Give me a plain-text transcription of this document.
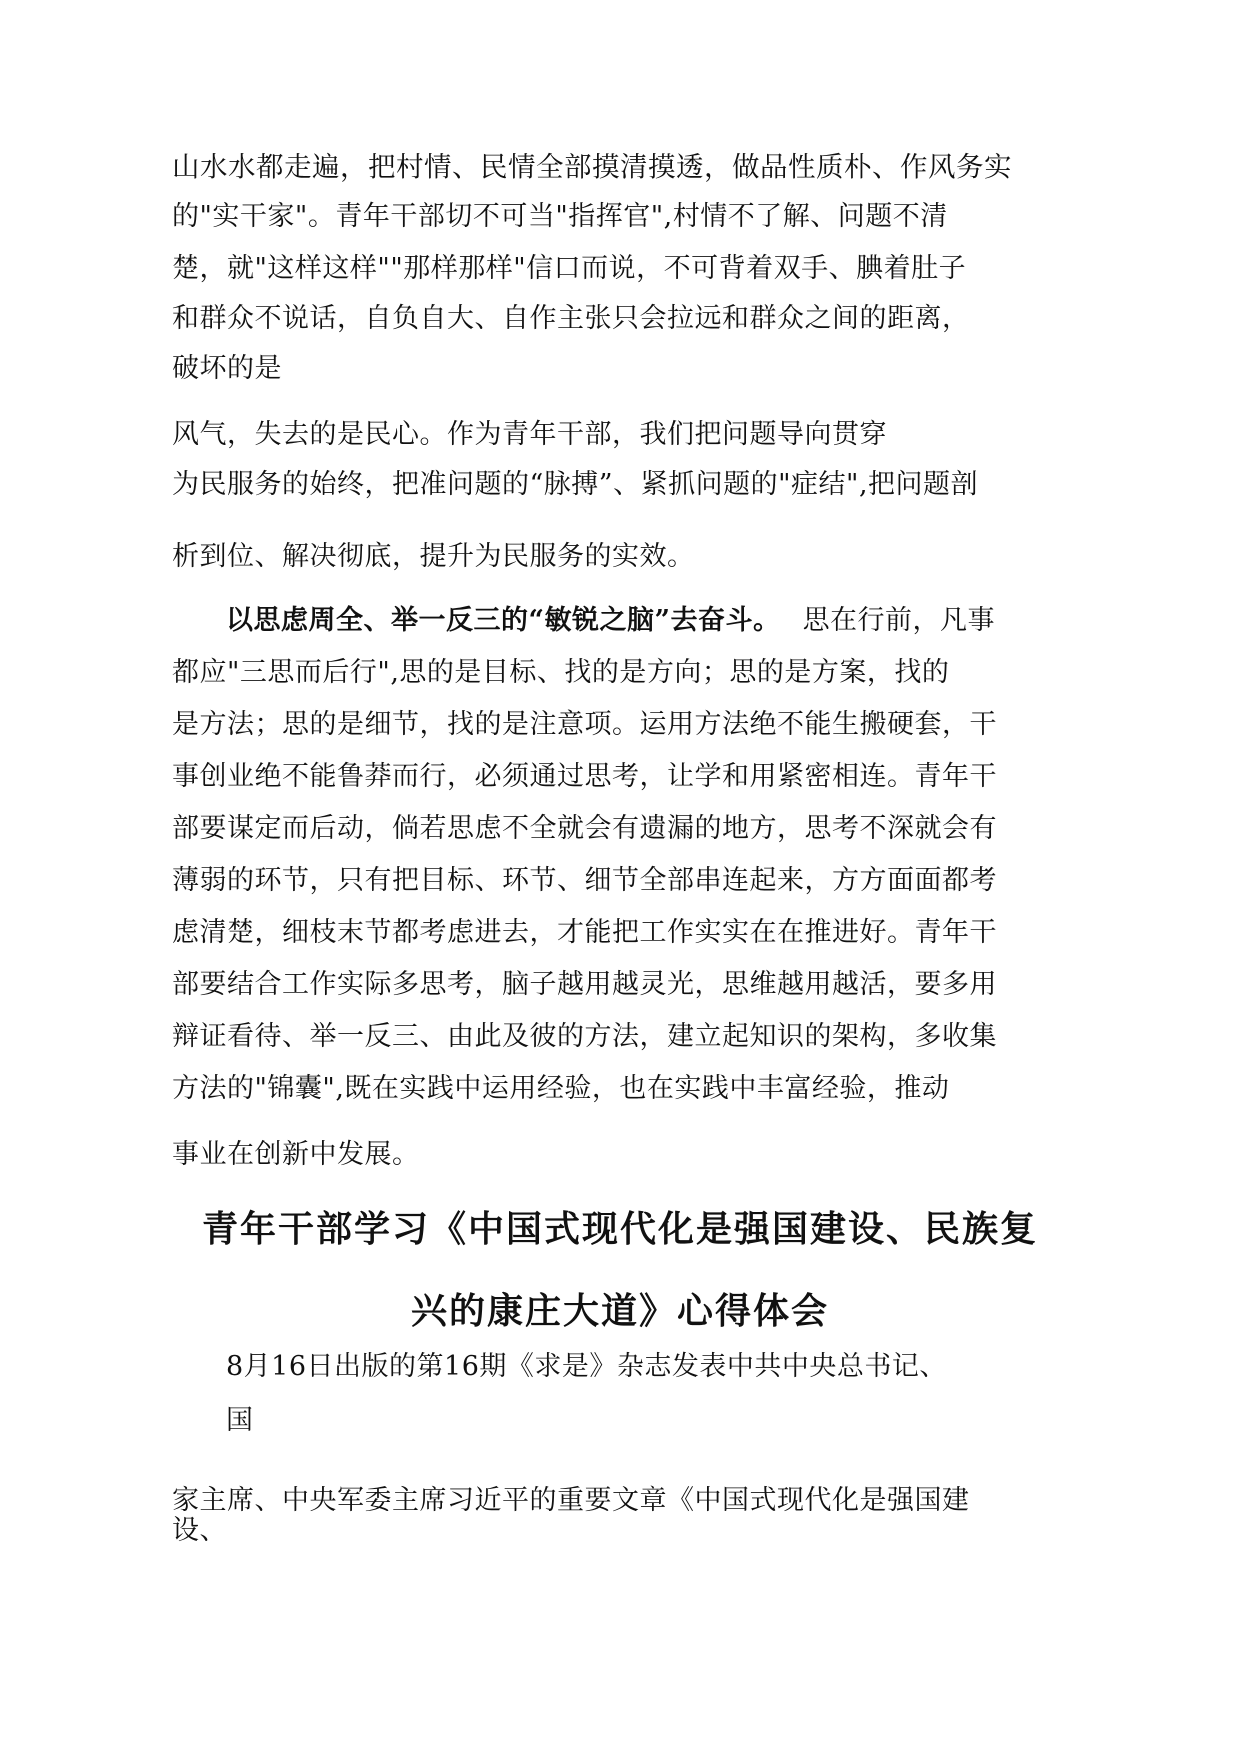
山水水都走遍，把村情、民情全部摸清摸透，做品性质朴、作风务实
的"实干家"。青年干部切不可当"指挥官",村情不了解、问题不清
楚，就"这样这样""那样那样"信口而说，不可背着双手、腆着肚子
和群众不说话，自负自大、自作主张只会拉远和群众之间的距离，
破坏的是
风气，失去的是民心。作为青年干部，我们把问题导向贯穿
为民服务的始终，把准问题的“脉搏”、紧抓问题的"症结",把问题剖
析到位、解决彻底，提升为民服务的实效。
以思虑周全、举一反三的“敏锐之脑”去奋斗。 思在行前，凡事
都应"三思而后行",思的是目标、找的是方向；思的是方案，找的
是方法；思的是细节，找的是注意项。运用方法绝不能生搬硬套，干
事创业绝不能鲁莽而行，必须通过思考，让学和用紧密相连。青年干
部要谋定而后动，倘若思虑不全就会有遗漏的地方，思考不深就会有
薄弱的环节，只有把目标、环节、细节全部串连起来，方方面面都考
虑清楚，细枝末节都考虑进去，才能把工作实实在在推进好。青年干
部要结合工作实际多思考，脑子越用越灵光，思维越用越活，要多用
辩证看待、举一反三、由此及彼的方法，建立起知识的架构，多收集
方法的"锦囊",既在实践中运用经验，也在实践中丰富经验，推动
事业在创新中发展。
青年干部学习《中国式现代化是强国建设、民族复
兴的康庄大道》心得体会
8月16日出版的第16期《求是》杂志发表中共中央总书记、
国
家主席、中央军委主席习近平的重要文章《中国式现代化是强国建
设、
